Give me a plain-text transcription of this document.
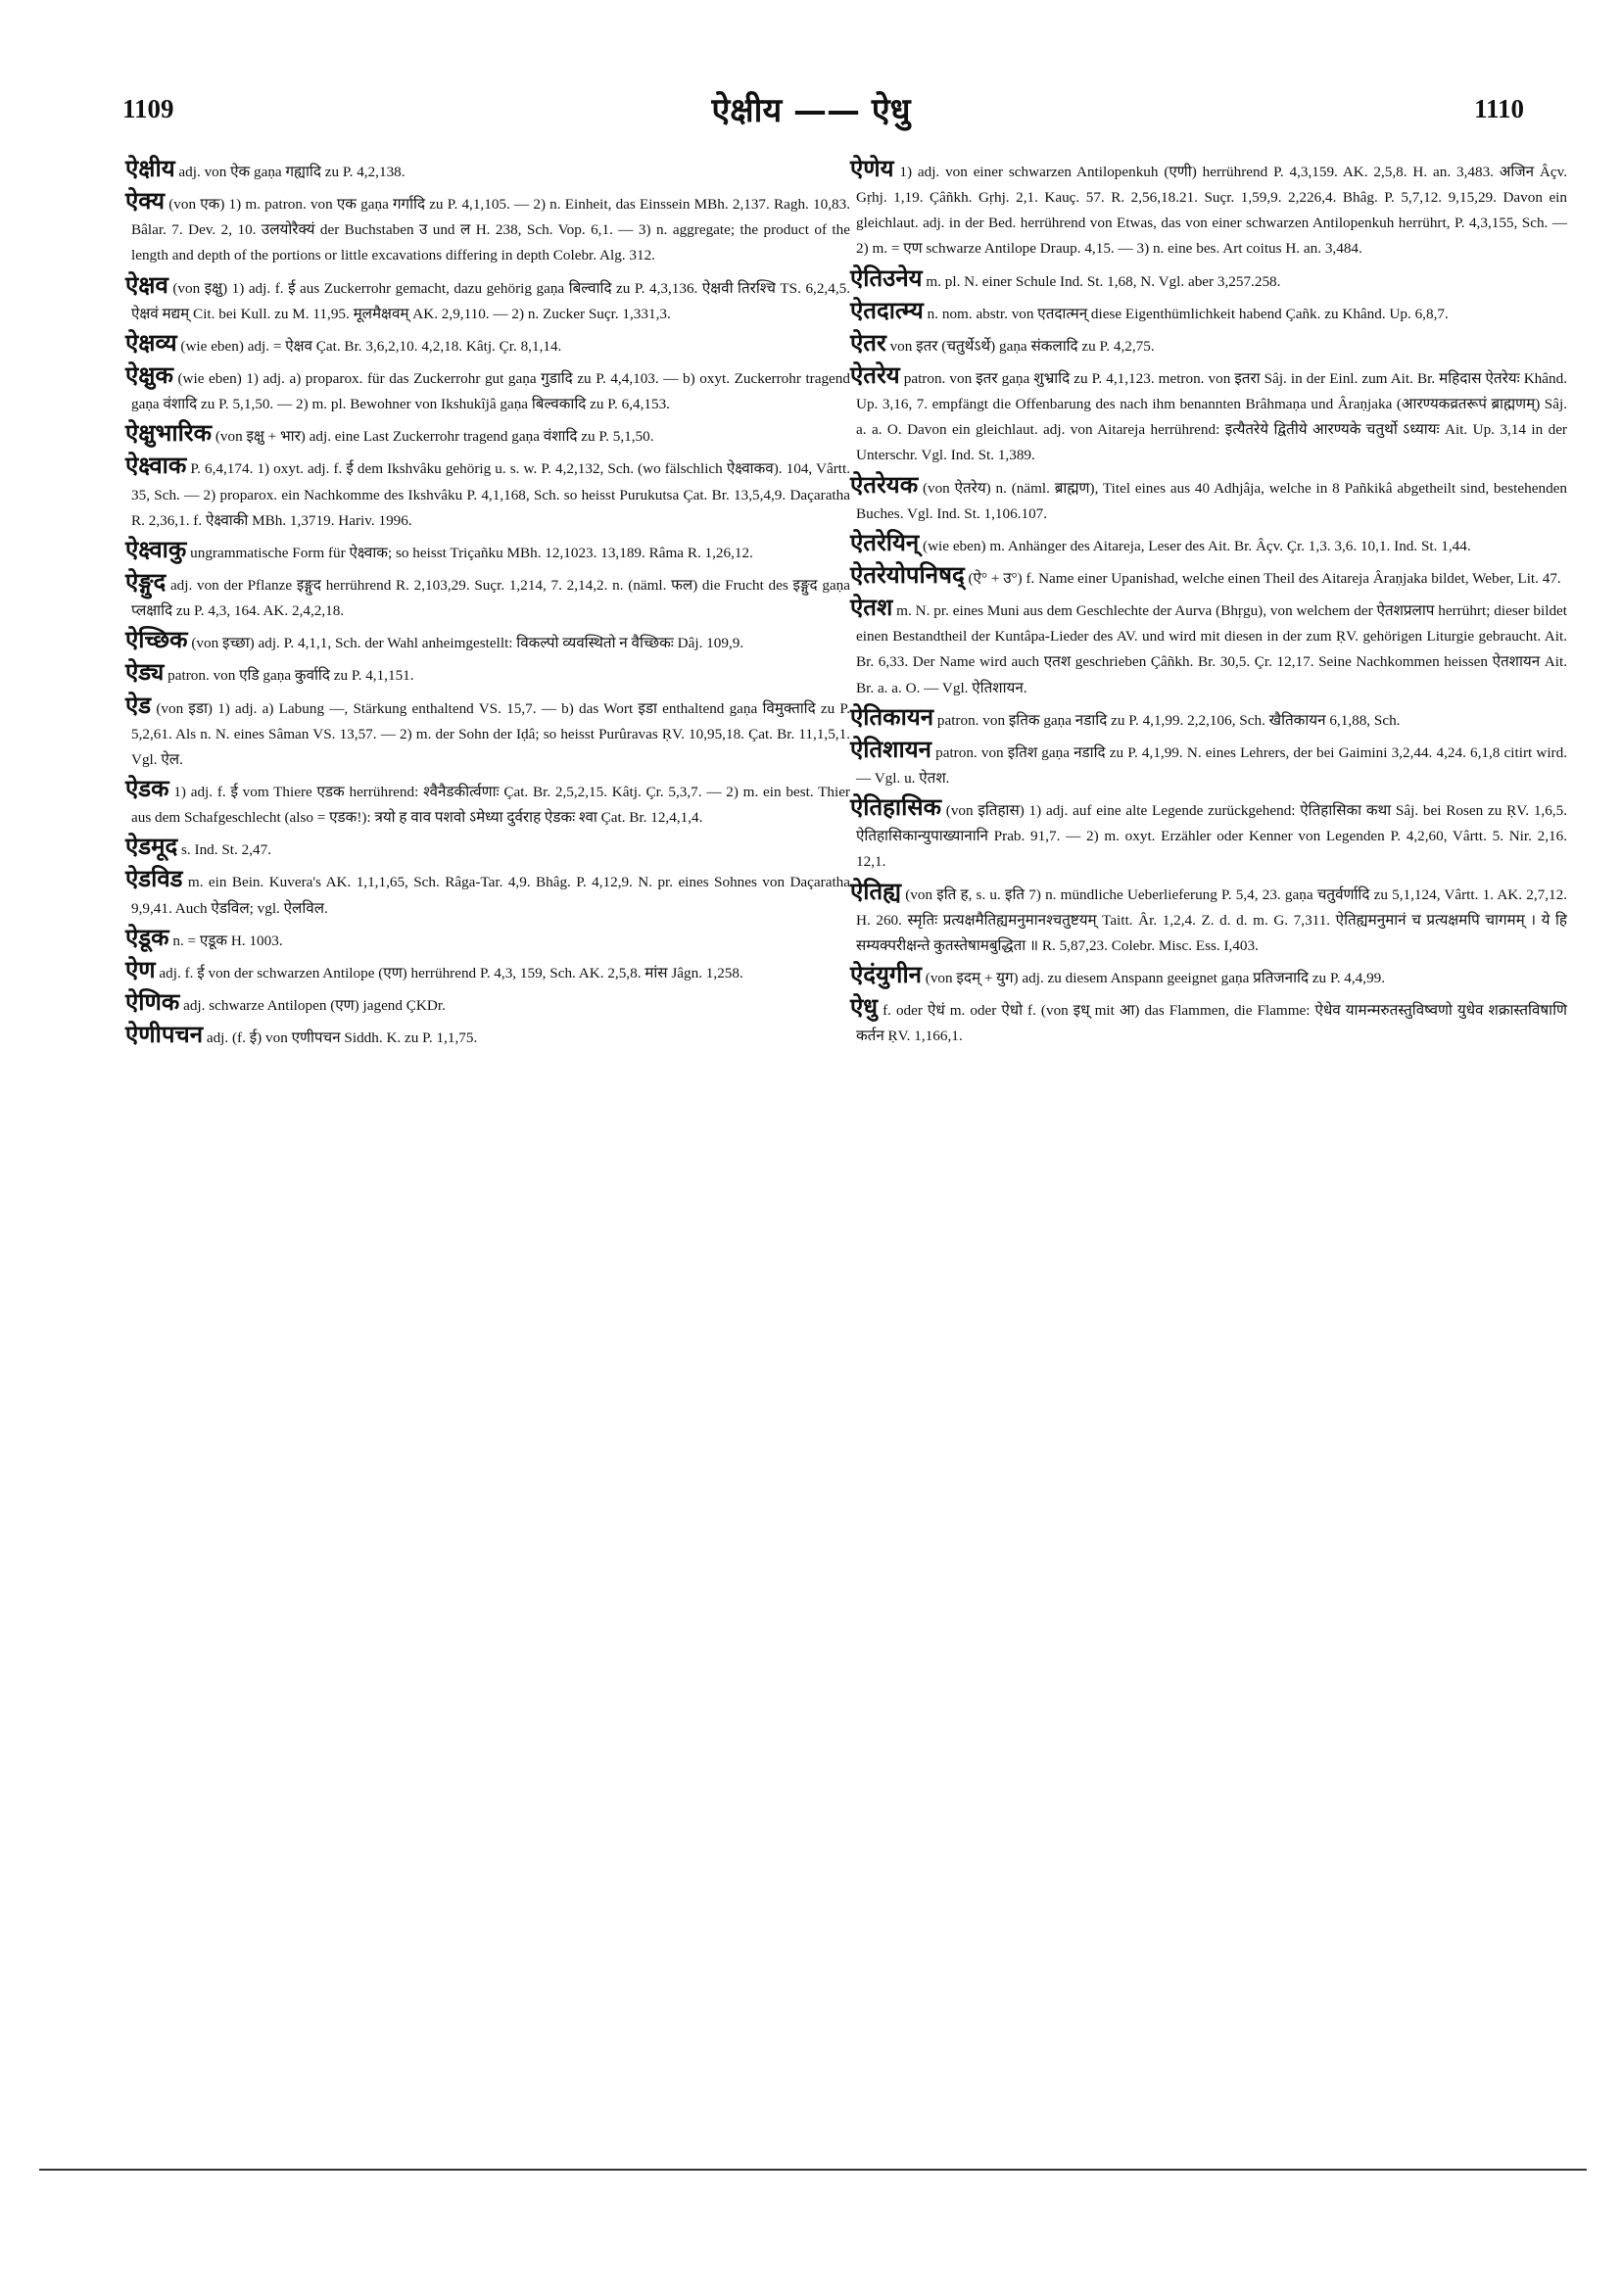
1109	ऐक्षीय —— ऐधु	1110

ऐक्षीय adj. von ऐक gaṇa गह्यादि zu P. 4,2,138.

ऐक्य (von एक) 1) m. patron. von एक gaṇa गर्गादि zu P. 4,1,105. — 2) n. Einheit, das Einssein MBh. 2,137. Ragh. 10,83. Bâlar. 7. Dev. 2, 10. उलयोरैक्यं der Buchstaben उ und ल H. 238, Sch. Vop. 6,1. — 3) n. aggregate; the product of the length and depth of the portions or little excavations differing in depth Colebr. Alg. 312.

ऐक्षव (von इक्षु) 1) adj. f. ई aus Zuckerrohr gemacht, dazu gehörig gaṇa बिल्वादि zu P. 4,3,136. ऐक्षवी तिरश्चि TS. 6,2,4,5. ऐक्षवं मद्यम् Cit. bei Kull. zu M. 11,95. मूलमैक्षवम् AK. 2,9,110. — 2) n. Zucker Suçr. 1,331,3.

ऐक्षव्य (wie eben) adj. = ऐक्षव Çat. Br. 3,6,2,10. 4,2,18. Kâtj. Çr. 8,1,14.

ऐक्षुक (wie eben) 1) adj. a) proparox. für das Zuckerrohr gut gaṇa गुडादि zu P. 4,4,103. — b) oxyt. Zuckerrohr tragend gaṇa वंशादि zu P. 5,1,50. — 2) m. pl. Bewohner von Ikshukîjâ gaṇa बिल्वकादि zu P. 6,4,153.

ऐक्षुभारिक (von इक्षु + भार) adj. eine Last Zuckerrohr tragend gaṇa वंशादि zu P. 5,1,50.

ऐक्ष्वाक P. 6,4,174. 1) oxyt. adj. f. ई dem Ikshvâku gehörig u. s. w. P. 4,2,132, Sch. (wo fälschlich ऐक्ष्वाकव). 104, Vârtt. 35, Sch. — 2) proparox. ein Nachkomme des Ikshvâku P. 4,1,168, Sch. so heisst Purukutsa Çat. Br. 13,5,4,9. Daçaratha R. 2,36,1. f. ऐक्ष्वाकी MBh. 1,3719. Hariv. 1996.

ऐक्ष्वाकु ungrammatische Form für ऐक्ष्वाक; so heisst Triçañku MBh. 12,1023. 13,189. Râma R. 1,26,12.

ऐङ्गुद adj. von der Pflanze इङ्गुद herrührend R. 2,103,29. Suçr. 1,214, 7. 2,14,2. n. (näml. फल) die Frucht des इङ्गुद gaṇa प्लक्षादि zu P. 4,3, 164. AK. 2,4,2,18.

ऐच्छिक (von इच्छा) adj. P. 4,1,1, Sch. der Wahl anheimgestellt: विकल्पो व्यवस्थितो न वैच्छिकः Dâj. 109,9.

ऐड्य patron. von एडि gaṇa कुर्वादि zu P. 4,1,151.

ऐड (von इडा) 1) adj. a) Labung —, Stärkung enthaltend VS. 15,7. — b) das Wort इडा enthaltend gaṇa विमुक्तादि zu P. 5,2,61. Als n. N. eines Sâman VS. 13,57. — 2) m. der Sohn der Iḍâ; so heisst Purûravas ṚV. 10,95,18. Çat. Br. 11,1,5,1. Vgl. ऐल.

ऐडक 1) adj. f. ई vom Thiere एडक herrührend: श्वैनैडकीर्त्वणाः Çat. Br. 2,5,2,15. Kâtj. Çr. 5,3,7. — 2) m. ein best. Thier aus dem Schafgeschlecht (also = एडक!): त्रयो ह वाव पशवो ऽमेध्या दुर्वराह ऐडकः श्वा Çat. Br. 12,4,1,4.

ऐडमूद s. Ind. St. 2,47.

ऐडविड m. ein Bein. Kuvera's AK. 1,1,1,65, Sch. Râga-Tar. 4,9. Bhâg. P. 4,12,9. N. pr. eines Sohnes von Daçaratha 9,9,41. Auch ऐडविल; vgl. ऐलविल.

ऐडूक n. = एडूक H. 1003.

ऐण adj. f. ई von der schwarzen Antilope (एण) herrührend P. 4,3, 159, Sch. AK. 2,5,8. मांस Jâgn. 1,258.

ऐणिक adj. schwarze Antilopen (एण) jagend ÇKDr.

ऐणीपचन adj. (f. ई) von एणीपचन Siddh. K. zu P. 1,1,75.

ऐणेय 1) adj. von einer schwarzen Antilopenkuh (एणी) herrührend P. 4,3,159. AK. 2,5,8. H. an. 3,483. अजिन Âçv. Gṛhj. 1,19. Çâñkh. Gṛhj. 2,1. Kauç. 57. R. 2,56,18.21. Suçr. 1,59,9. 2,226,4. Bhâg. P. 5,7,12. 9,15,29. Davon ein gleichlaut. adj. in der Bed. herrührend von Etwas, das von einer schwarzen Antilopenkuh herrührt, P. 4,3,155, Sch. — 2) m. = एण schwarze Antilope Draup. 4,15. — 3) n. eine bes. Art coitus H. an. 3,484.

ऐतिउनेय m. pl. N. einer Schule Ind. St. 1,68, N. Vgl. aber 3,257.258.

ऐतदात्म्य n. nom. abstr. von एतदात्मन् diese Eigenthümlichkeit habend Çañk. zu Khând. Up. 6,8,7.

ऐतर von इतर (चतुर्थेऽर्थे) gaṇa संकलादि zu P. 4,2,75.

ऐतरेय patron. von इतर gaṇa शुभ्रादि zu P. 4,1,123. metron. von इतरा Sâj. in der Einl. zum Ait. Br. महिदास ऐतरेयः Khând. Up. 3,16, 7. empfängt die Offenbarung des nach ihm benannten Brâhmaṇa und Âraṇjaka (आरण्यकव्रतरूपं ब्राह्मणम्) Sâj. a. a. O. Davon ein gleichlaut. adj. von Aitareja herrührend: इत्यैतरेये द्वितीये आरण्यके चतुर्थो ऽध्यायः Ait. Up. 3,14 in der Unterschr. Vgl. Ind. St. 1,389.

ऐतरेयक (von ऐतरेय) n. (näml. ब्राह्मण), Titel eines aus 40 Adhjâja, welche in 8 Pañkikâ abgetheilt sind, bestehenden Buches. Vgl. Ind. St. 1,106.107.

ऐतरेयिन् (wie eben) m. Anhänger des Aitareja, Leser des Ait. Br. Âçv. Çr. 1,3. 3,6. 10,1. Ind. St. 1,44.

ऐतरेयोपनिषद् (ऐ° + उ°) f. Name einer Upanishad, welche einen Theil des Aitareja Âraṇjaka bildet, Weber, Lit. 47.

ऐतश m. N. pr. eines Muni aus dem Geschlechte der Aurva (Bhṛgu), von welchem der ऐतशप्रलाप herrührt; dieser bildet einen Bestandtheil der Kuntâpa-Lieder des AV. und wird mit diesen in der zum ṚV. gehörigen Liturgie gebraucht. Ait. Br. 6,33. Der Name wird auch एतश geschrieben Çâñkh. Br. 30,5. Çr. 12,17. Seine Nachkommen heissen ऐतशायन Ait. Br. a. a. O. — Vgl. ऐतिशायन.

ऐतिकायन patron. von इतिक gaṇa नडादि zu P. 4,1,99. 2,2,106, Sch. खैतिकायन 6,1,88, Sch.

ऐतिशायन patron. von इतिश gaṇa नडादि zu P. 4,1,99. N. eines Lehrers, der bei Gaimini 3,2,44. 4,24. 6,1,8 citirt wird. — Vgl. u. ऐतश.

ऐतिहासिक (von इतिहास) 1) adj. auf eine alte Legende zurückgehend: ऐतिहासिका कथा Sâj. bei Rosen zu ṚV. 1,6,5. ऐतिहासिकान्युपाख्यानानि Prab. 91,7. — 2) m. oxyt. Erzähler oder Kenner von Legenden P. 4,2,60, Vârtt. 5. Nir. 2,16. 12,1.

ऐतिह्य (von इति ह, s. u. इति 7) n. mündliche Ueberlieferung P. 5,4, 23. gaṇa चतुर्वर्णादि zu 5,1,124, Vârtt. 1. AK. 2,7,12. H. 260. स्मृतिः प्रत्यक्षमैतिह्यमनुमानश्चतुष्टयम् Taitt. Âr. 1,2,4. Z. d. d. m. G. 7,311. ऐतिह्यमनुमानं च प्रत्यक्षमपि चागमम् । ये हि सम्यक्परीक्षन्ते कुतस्तेषामबुद्धिता ॥ R. 5,87,23. Colebr. Misc. Ess. I,403.

ऐदंयुगीन (von इदम् + युग) adj. zu diesem Anspann geeignet gaṇa प्रतिजनादि zu P. 4,4,99.

ऐधु f. oder ऐधं m. oder ऐधो f. (von इध् mit आ) das Flammen, die Flamme: ऐधेव यामन्मरुतस्तुविष्वणो युधेव शक्रास्तविषाणि कर्तन ṚV. 1,166,1.
